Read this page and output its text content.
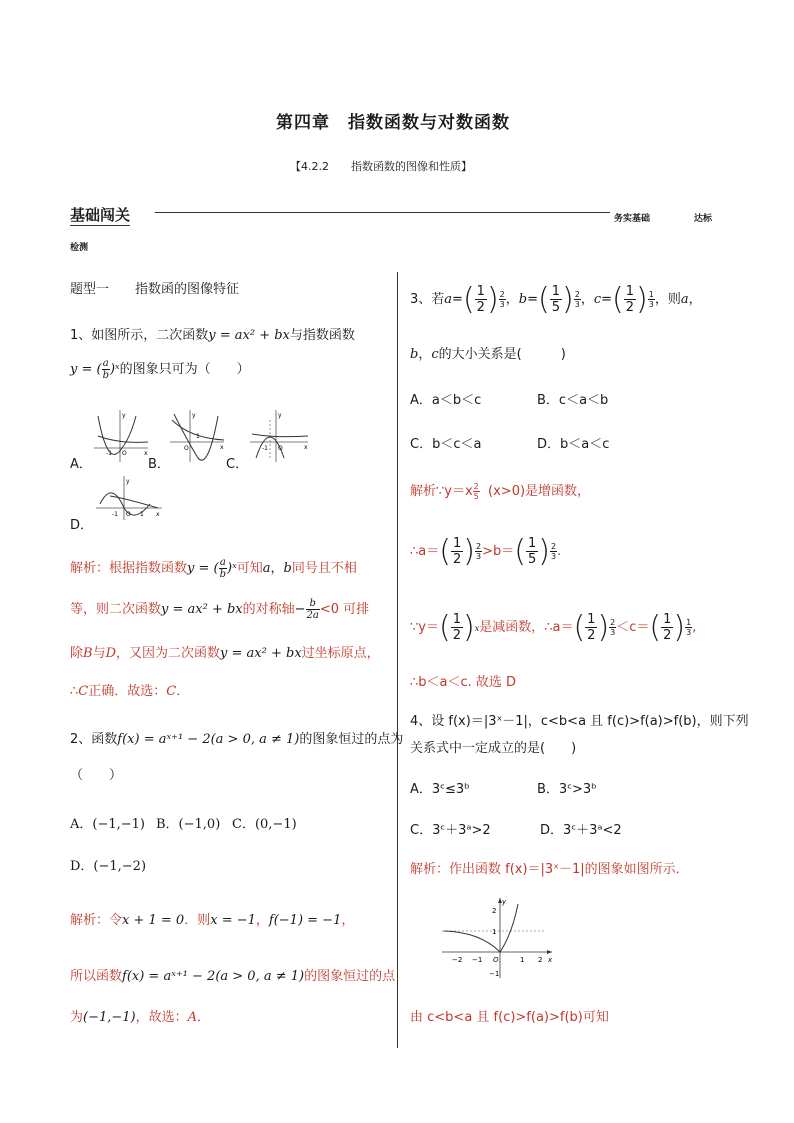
第四章　指数函数与对数函数
【4.2.2　　指数函数的图像和性质】
基础闯关	务实基础	达标
检测
题型一　　指数函的图像特征
1、如图所示，二次函数y = ax² + bx与指数函数
y = ( $\frac{a}{b}$ )ˣ的图象只可为（　　）
A．
y
x
O
-1
B．
y
x
O
1
C．
y
x
O
-1
D．
y
x
O
-1	1
解析：根据指数函数y = ( $\frac{a}{b}$ )ˣ可知a，b同号且不相
等，则二次函数y = ax² + bx的对称轴− $\frac{b}{2a} <0$ 可排
除B与D，又因为二次函数y = ax² + bx过坐标原点，
∴C正确．故选：C．
2、函数f(x) = aˣ⁺¹ − 2(a > 0, a ≠ 1)的图象恒过的点为
（　　）
A．(−1,−1) B．(−1,0) C．(0,−1)
D．(−1,−2)
解析：令x + 1 = 0．则x = −1，f(−1) = −1，
所以函数f(x) = aˣ⁺¹ − 2(a > 0, a ≠ 1)的图象恒过的点
为(−1,−1)，故选：A．
3、若$a=( \frac{1}{2}$ ) $\frac{2}{3}$ ，$b=( \frac{1}{5}$ ) $\frac{2}{3}$ ，$c=( \frac{1}{2}$ ) $\frac{1}{3}$ ，则a，
b，c的大小关系是(　　　)
A．a＜b＜c	B．c＜a＜b
C．b＜c＜a	D．b＜a＜c
解析∵y＝x $\frac{2}{5} (x>0)$是增函数，
∴a＝( $\frac{1}{2}$ ) $\frac{2}{3} >b=( \frac{1}{5}$ ) $\frac{2}{3}$ .
∵y＝( $\frac{1}{2} )x$是减函数，∴a＝( $\frac{1}{2}$ ) $\frac{2}{3} <c=( \frac{1}{2}$ ) $\frac{1}{3}$ ,
∴b＜a＜c. 故选 D
4、设 f(x)＝|3ˣ－1|，c<b<a 且 f(c)>f(a)>f(b)，则下列
关系式中一定成立的是(　　)
A．3ᶜ≤3ᵇ	B．3ᶜ>3ᵇ
C．3ᶜ＋3ᵃ>2	D．3ᶜ＋3ᵃ<2
解析：作出函数 f(x)＝|3ˣ－1|的图象如图所示．
y
x
−2 −1 O	1 2
2
1
−1
由 c<b<a 且 f(c)>f(a)>f(b)可知
